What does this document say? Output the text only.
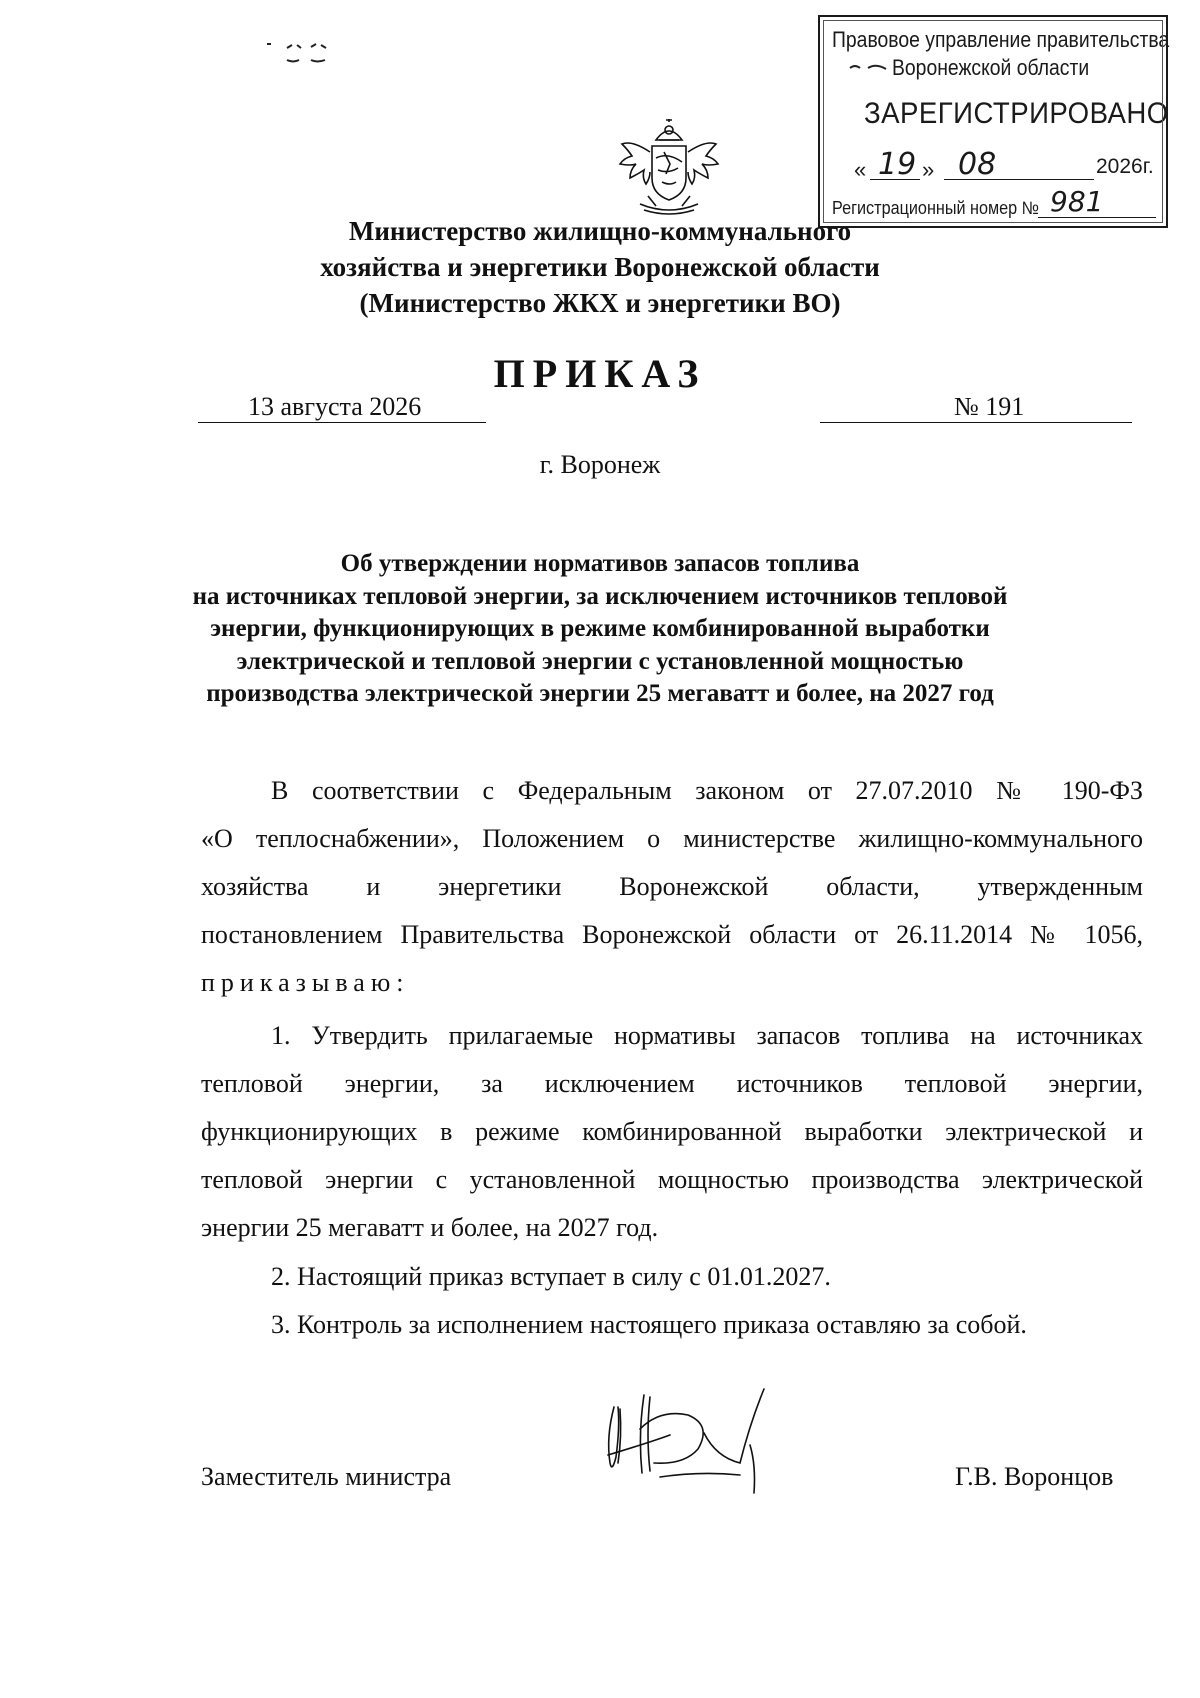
Правовое управление правительства
Воронежской области
ЗАРЕГИСТРИРОВАНО
« 19 » 08	2026г.
Регистрационный номер № 981
Министерство жилищно-коммунального
хозяйства и энергетики Воронежской области
(Министерство ЖКХ и энергетики ВО)
ПРИКАЗ
13 августа 2026	№ 191
г. Воронеж
Об утверждении нормативов запасов топлива
на источниках тепловой энергии, за исключением источников тепловой
энергии, функционирующих в режиме комбинированной выработки
электрической и тепловой энергии с установленной мощностью
производства электрической энергии 25 мегаватт и более, на 2027 год
В соответствии с Федеральным законом от 27.07.2010 № 190-ФЗ
«О теплоснабжении», Положением о министерстве жилищно-коммунального
хозяйства и энергетики Воронежской области, утвержденным
постановлением Правительства Воронежской области от 26.11.2014 № 1056,
приказываю:
1. Утвердить прилагаемые нормативы запасов топлива на источниках
тепловой энергии, за исключением источников тепловой энергии,
функционирующих в режиме комбинированной выработки электрической и
тепловой энергии с установленной мощностью производства электрической
энергии 25 мегаватт и более, на 2027 год.
2. Настоящий приказ вступает в силу с 01.01.2027.
3. Контроль за исполнением настоящего приказа оставляю за собой.
Заместитель министра	Г.В. Воронцов
